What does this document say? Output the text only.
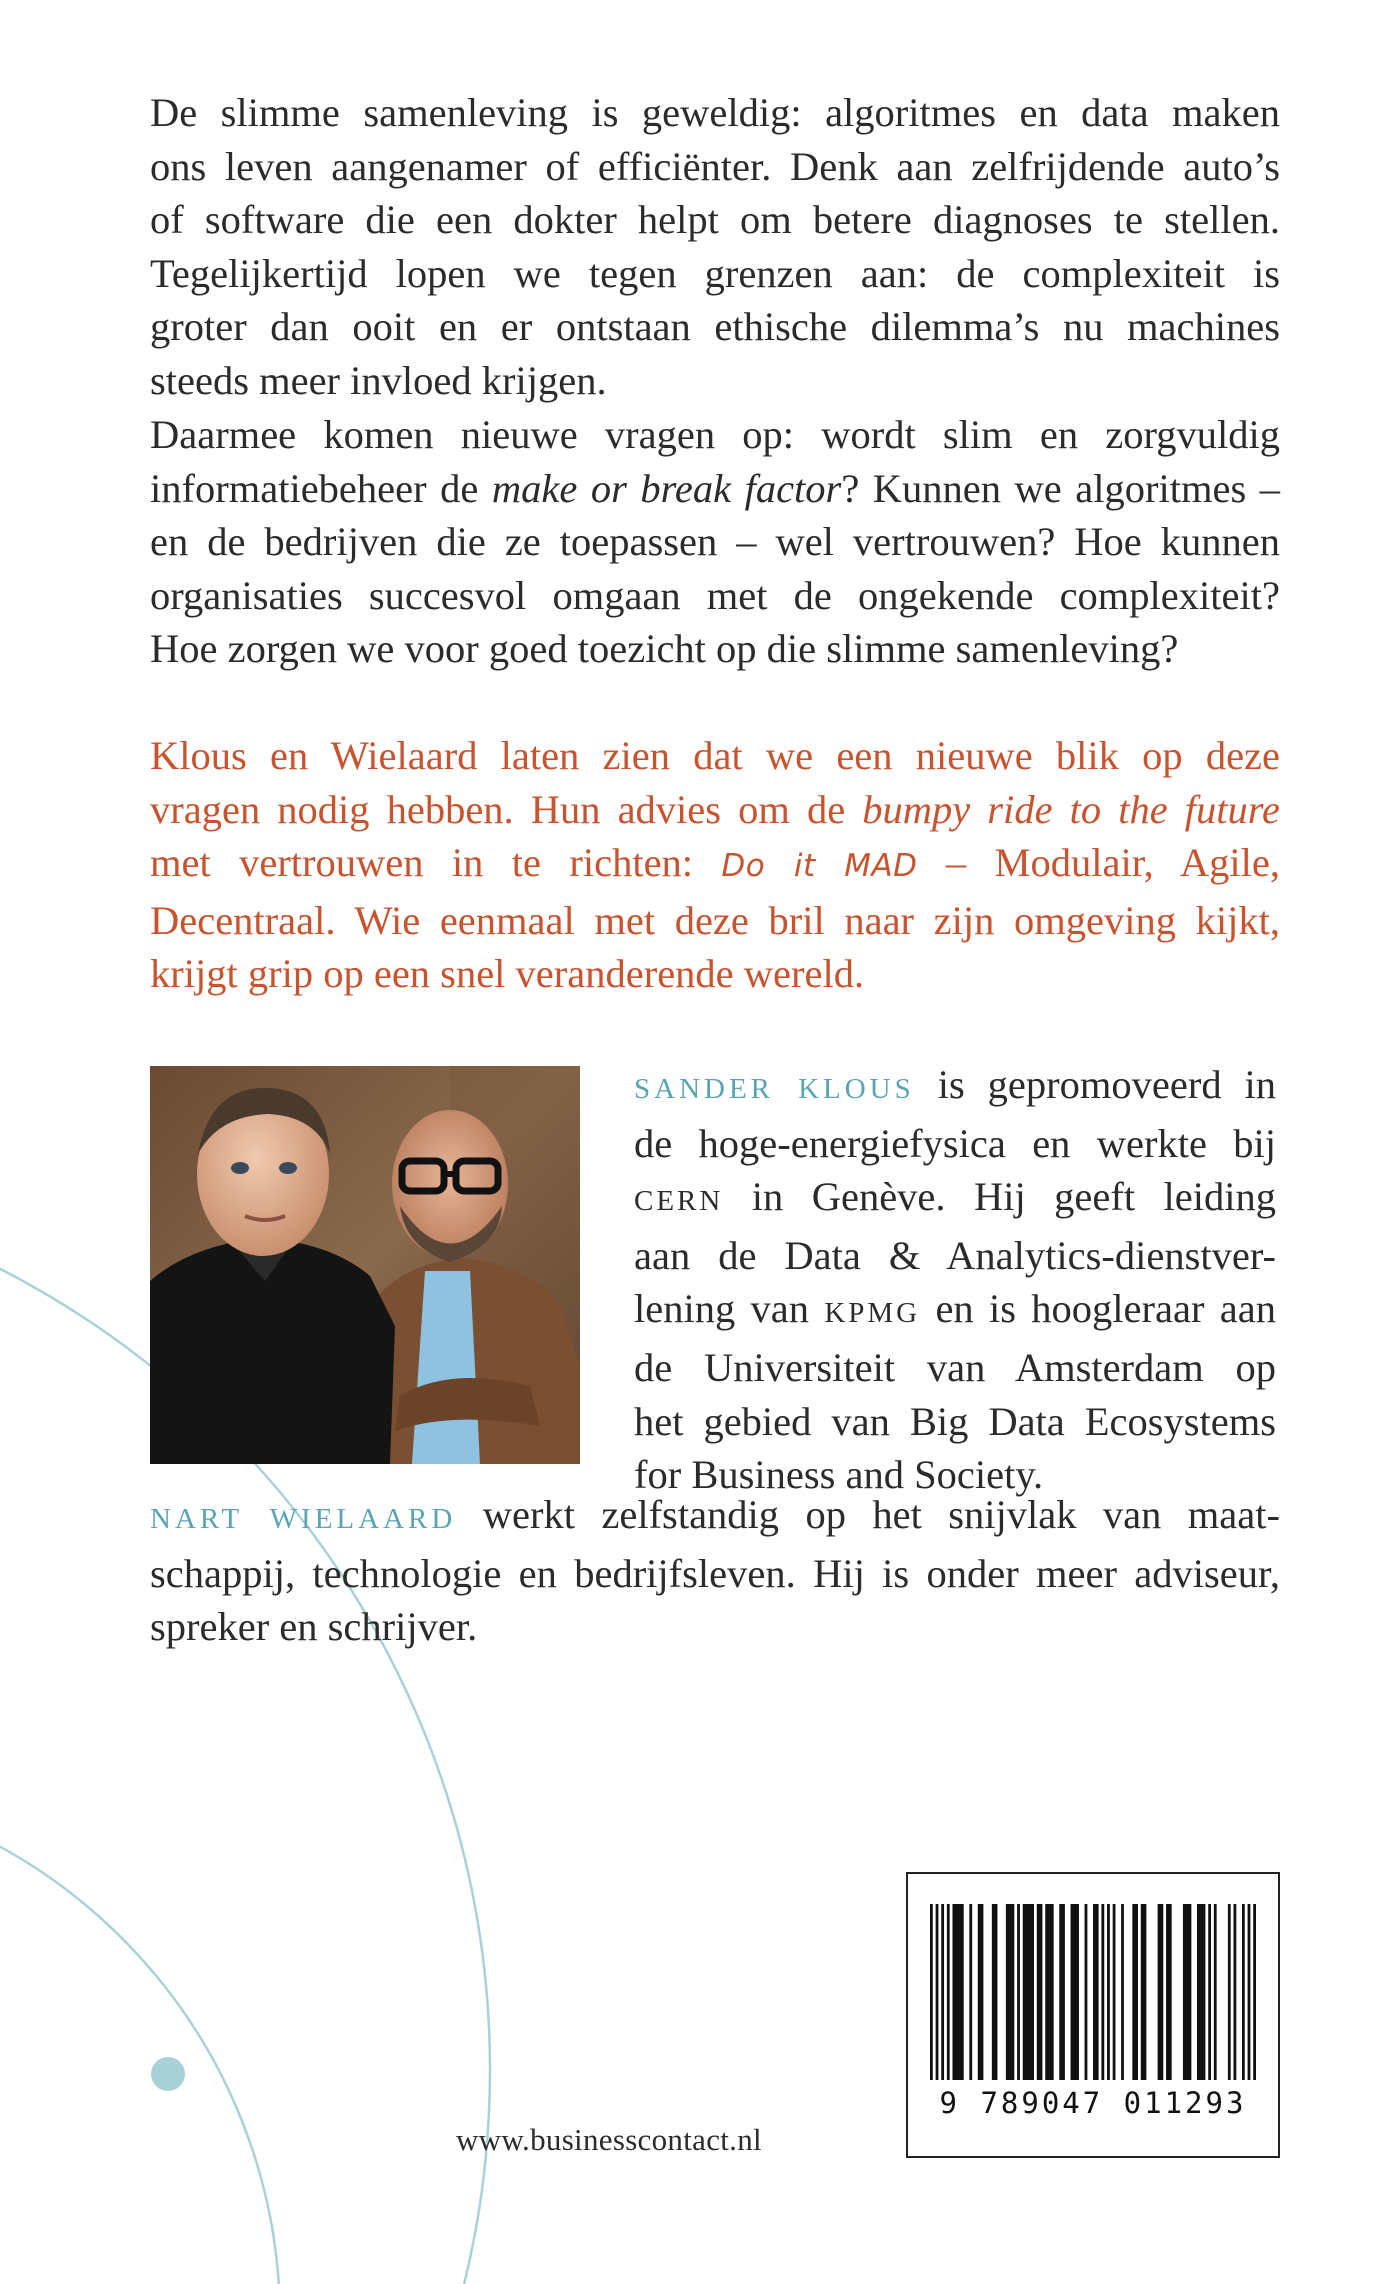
De slimme samenleving is geweldig: algoritmes en data maken
ons leven aangenamer of efficiënter. Denk aan zelfrijdende auto’s
of software die een dokter helpt om betere diagnoses te stellen.
Tegelijkertijd lopen we tegen grenzen aan: de complexiteit is
groter dan ooit en er ontstaan ethische dilemma’s nu machines
steeds meer invloed krijgen.

Daarmee komen nieuwe vragen op: wordt slim en zorgvuldig
informatiebeheer de make or break factor? Kunnen we algoritmes –
en de bedrijven die ze toepassen – wel vertrouwen? Hoe kunnen
organisaties succesvol omgaan met de ongekende complexiteit?
Hoe zorgen we voor goed toezicht op die slimme samenleving?

Klous en Wielaard laten zien dat we een nieuwe blik op deze
vragen nodig hebben. Hun advies om de bumpy ride to the future
met vertrouwen in te richten: Do it MAD – Modulair, Agile,
Decentraal. Wie eenmaal met deze bril naar zijn omgeving kijkt,
krijgt grip op een snel veranderende wereld.

SANDER KLOUS is gepromoveerd in
de hoge-energiefysica en werkte bij
CERN in Genève. Hij geeft leiding
aan de Data & Analytics-dienstver-
lening van KPMG en is hoogleraar aan
de Universiteit van Amsterdam op
het gebied van Big Data Ecosystems
for Business and Society.

NART WIELAARD werkt zelfstandig op het snijvlak van maat-
schappij, technologie en bedrijfsleven. Hij is onder meer adviseur,
spreker en schrijver.

9 789047 011293
www.businesscontact.nl
